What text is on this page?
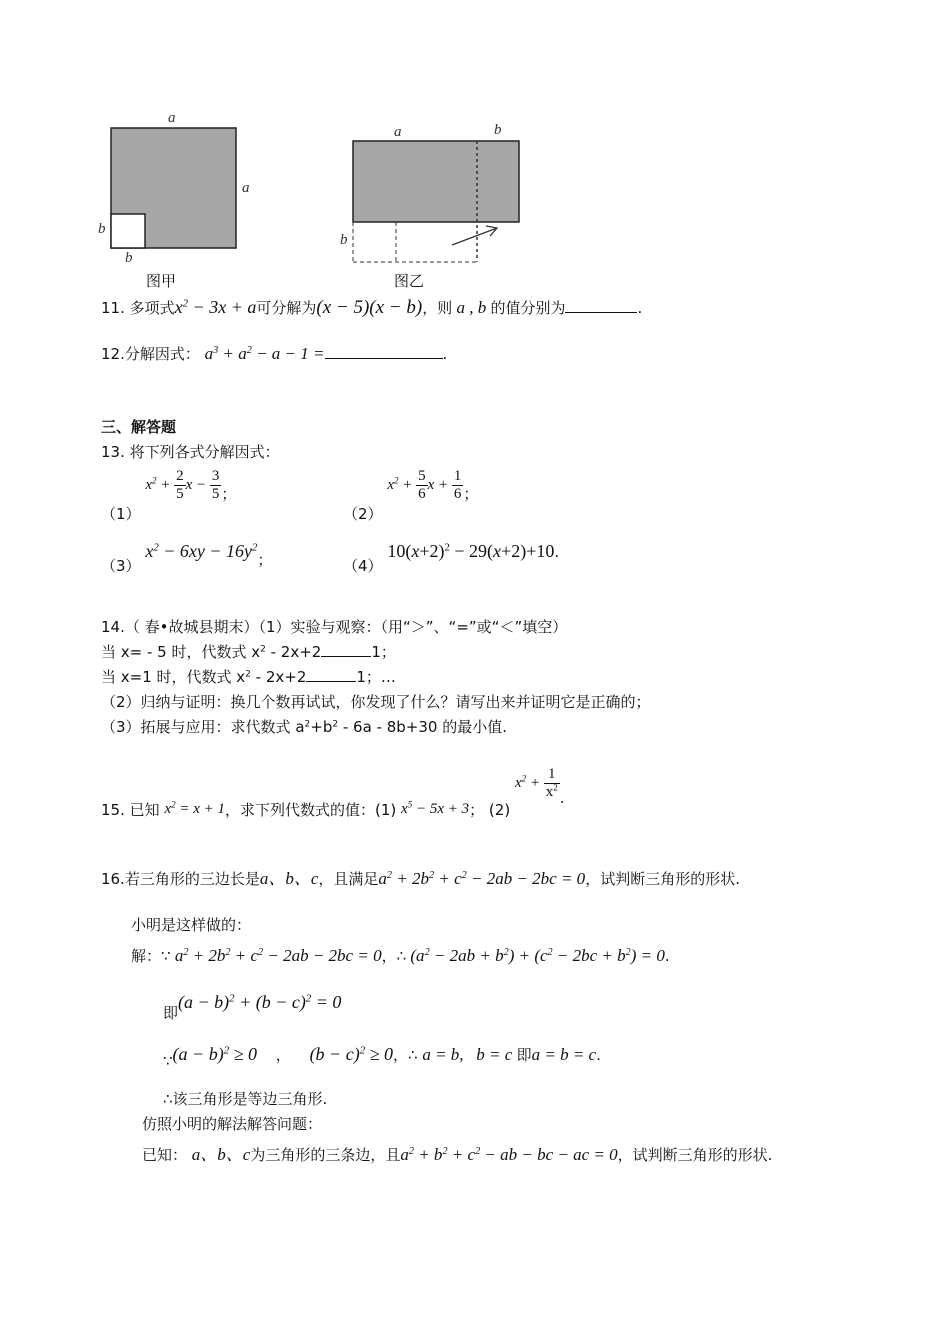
a
a
b
b
图甲
a	b
b
图乙
11. 多项式$x^2 - 3x + a$可分解为(x − 5)(x − b)，则 a , b 的值分别为	.
12.分解因式： $a^3 + a^2 - a - 1$ =	.
三、解答题
13. 将下列各式分解因式：
（1） $x^2 + \frac{2}{5}$ $x - \frac{3}{5}$ ；
（2） $x^2 + \frac{5}{6}$ $x + \frac{1}{6}$ ；
（3） $x^2 - 6xy - 16y^2$；	（4） $10(x+2)^2 - 29(x+2)+10$.
14.（ 春•故城县期末）（1）实验与观察：（用“＞”、“=”或“＜”填空）
当 x= - 5 时，代数式 $x^2 - 2x+2$	1；
当 x=1 时，代数式 $x^2 - 2x+2$	1；…
（2）归纳与证明：换几个数再试试，你发现了什么？请写出来并证明它是正确的；
（3）拓展与应用：求代数式 $a^2+b^2 - 6a - 8b+30$ 的最小值.
15. 已知 $x^2 = x + 1$，求下列代数式的值：(1) $x^5 - 5x + 3$； (2) $x^2 + \frac{1}{x^2}$ .
16.若三角形的三边长是a、b、c，且满足$a^2 + 2b^2 + c^2 - 2ab - 2bc = 0$，试判断三角形的形状.
小明是这样做的：
解：∵ $a^2 + 2b^2 + c^2 - 2ab - 2bc = 0$，∴ $(a^2 - 2ab + b^2) + (c^2 - 2bc + b^2) = 0$.
即$(a - b)^2 + (b - c)^2 = 0$
∵(a − b)$^2$ ≥ 0 ， $(b - c)^2 \ge 0$，∴ a = b,   b = c 即a = b = c.
∴该三角形是等边三角形.
仿照小明的解法解答问题：
已知： a、b、c为三角形的三条边，且$a^2 + b^2 + c^2$ − ab − bc − ac = 0，试判断三角形的形状.
